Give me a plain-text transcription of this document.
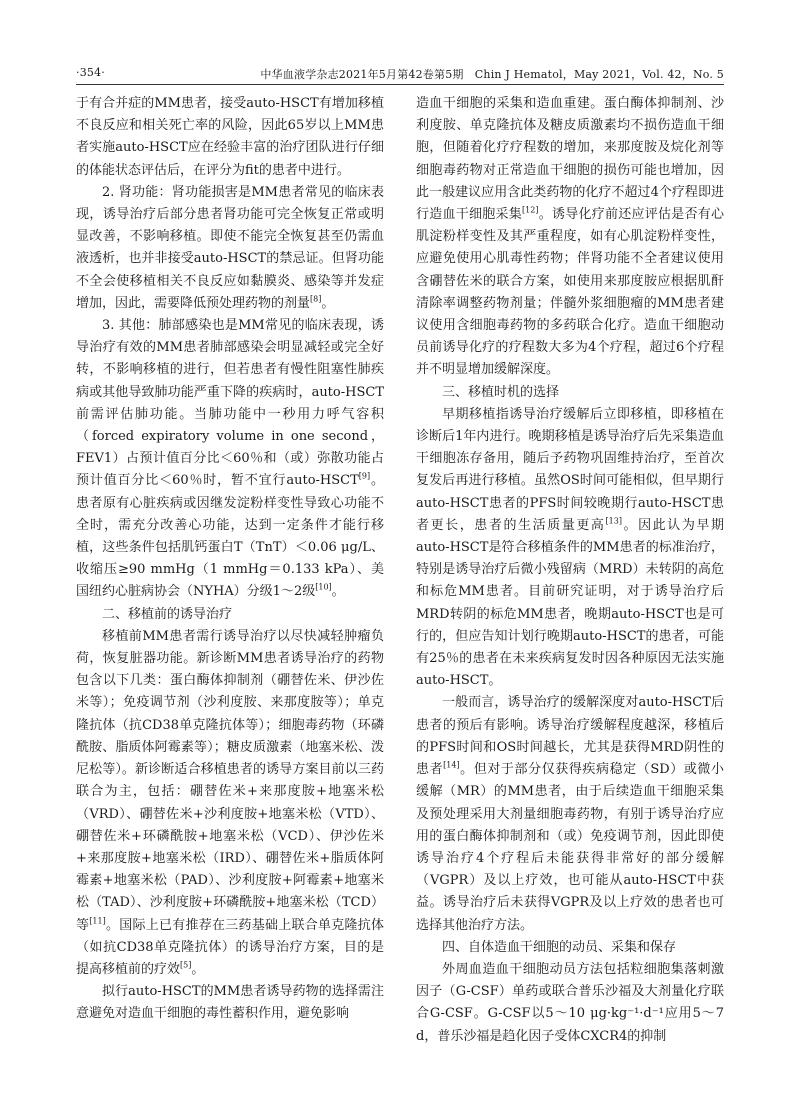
·354·	中华血液学杂志2021年5月第42卷第5期　Chin J Hematol，May 2021，Vol. 42，No. 5

于有合并症的MM患者，接受auto-HSCT有增加移植不良反应和相关死亡率的风险，因此65岁以上MM患者实施auto-HSCT应在经验丰富的治疗团队进行仔细的体能状态评估后，在评分为fit的患者中进行。

2. 肾功能：肾功能损害是MM患者常见的临床表现，诱导治疗后部分患者肾功能可完全恢复正常或明显改善，不影响移植。即使不能完全恢复甚至仍需血液透析，也并非接受auto-HSCT的禁忌证。但肾功能不全会使移植相关不良反应如黏膜炎、感染等并发症增加，因此，需要降低预处理药物的剂量[8]。

3. 其他：肺部感染也是MM常见的临床表现，诱导治疗有效的MM患者肺部感染会明显减轻或完全好转，不影响移植的进行，但若患者有慢性阻塞性肺疾病或其他导致肺功能严重下降的疾病时，auto-HSCT前需评估肺功能。当肺功能中一秒用力呼气容积（forced expiratory volume in one second，FEV1）占预计值百分比＜60％和（或）弥散功能占预计值百分比＜60％时，暂不宜行auto-HSCT[9]。患者原有心脏疾病或因继发淀粉样变性导致心功能不全时，需充分改善心功能，达到一定条件才能行移植，这些条件包括肌钙蛋白T（TnT）＜0.06 μg/L、收缩压≥90 mmHg（1 mmHg＝0.133 kPa）、美国纽约心脏病协会（NYHA）分级1～2级[10]。

二、移植前的诱导治疗

移植前MM患者需行诱导治疗以尽快减轻肿瘤负荷，恢复脏器功能。新诊断MM患者诱导治疗的药物包含以下几类：蛋白酶体抑制剂（硼替佐米、伊沙佐米等）；免疫调节剂（沙利度胺、来那度胺等）；单克隆抗体（抗CD38单克隆抗体等）；细胞毒药物（环磷酰胺、脂质体阿霉素等）；糖皮质激素（地塞米松、泼尼松等）。新诊断适合移植患者的诱导方案目前以三药联合为主，包括：硼替佐米+来那度胺+地塞米松（VRD）、硼替佐米+沙利度胺+地塞米松（VTD）、硼替佐米+环磷酰胺+地塞米松（VCD）、伊沙佐米+来那度胺+地塞米松（IRD）、硼替佐米+脂质体阿霉素+地塞米松（PAD）、沙利度胺+阿霉素+地塞米松（TAD）、沙利度胺+环磷酰胺+地塞米松（TCD）等[11]。国际上已有推荐在三药基础上联合单克隆抗体（如抗CD38单克隆抗体）的诱导治疗方案，目的是提高移植前的疗效[5]。

拟行auto-HSCT的MM患者诱导药物的选择需注意避免对造血干细胞的毒性蓄积作用，避免影响

造血干细胞的采集和造血重建。蛋白酶体抑制剂、沙利度胺、单克隆抗体及糖皮质激素均不损伤造血干细胞，但随着化疗疗程数的增加，来那度胺及烷化剂等细胞毒药物对正常造血干细胞的损伤可能也增加，因此一般建议应用含此类药物的化疗不超过4个疗程即进行造血干细胞采集[12]。诱导化疗前还应评估是否有心肌淀粉样变性及其严重程度，如有心肌淀粉样变性，应避免使用心肌毒性药物；伴肾功能不全者建议使用含硼替佐米的联合方案，如使用来那度胺应根据肌酐清除率调整药物剂量；伴髓外浆细胞瘤的MM患者建议使用含细胞毒药物的多药联合化疗。造血干细胞动员前诱导化疗的疗程数大多为4个疗程，超过6个疗程并不明显增加缓解深度。

三、移植时机的选择

早期移植指诱导治疗缓解后立即移植，即移植在诊断后1年内进行。晚期移植是诱导治疗后先采集造血干细胞冻存备用，随后予药物巩固维持治疗，至首次复发后再进行移植。虽然OS时间可能相似，但早期行auto-HSCT患者的PFS时间较晚期行auto-HSCT患者更长，患者的生活质量更高[13]。因此认为早期auto-HSCT是符合移植条件的MM患者的标准治疗，特别是诱导治疗后微小残留病（MRD）未转阴的高危和标危MM患者。目前研究证明，对于诱导治疗后MRD转阴的标危MM患者，晚期auto-HSCT也是可行的，但应告知计划行晚期auto-HSCT的患者，可能有25％的患者在未来疾病复发时因各种原因无法实施auto-HSCT。

一般而言，诱导治疗的缓解深度对auto-HSCT后患者的预后有影响。诱导治疗缓解程度越深，移植后的PFS时间和OS时间越长，尤其是获得MRD阴性的患者[14]。但对于部分仅获得疾病稳定（SD）或微小缓解（MR）的MM患者，由于后续造血干细胞采集及预处理采用大剂量细胞毒药物，有别于诱导治疗应用的蛋白酶体抑制剂和（或）免疫调节剂，因此即使诱导治疗4个疗程后未能获得非常好的部分缓解（VGPR）及以上疗效，也可能从auto-HSCT中获益。诱导治疗后未获得VGPR及以上疗效的患者也可选择其他治疗方法。

四、自体造血干细胞的动员、采集和保存

外周血造血干细胞动员方法包括粒细胞集落刺激因子（G-CSF）单药或联合普乐沙福及大剂量化疗联合G-CSF。G-CSF以5～10 μg·kg⁻¹·d⁻¹应用5～7 d，普乐沙福是趋化因子受体CXCR4的抑制
